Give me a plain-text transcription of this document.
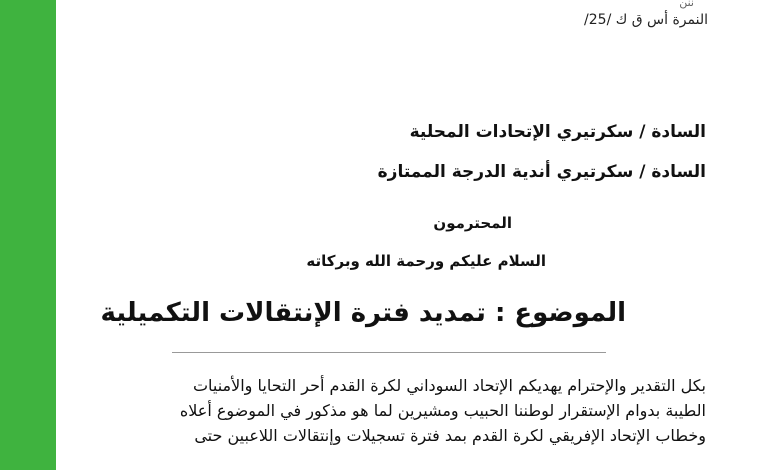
ننن
النمرة أس ق ك /25/
السادة / سكرتيري الإتحادات المحلية
السادة / سكرتيري أندية الدرجة الممتازة
المحترمون
السلام عليكم ورحمة الله وبركاته
الموضوع : تمديد فترة الإنتقالات التكميلية
بكل التقدير والإحترام يهديكم الإتحاد السوداني لكرة القدم أحر التحايا والأمنيات
الطيبة بدوام الإستقرار لوطننا الحبيب ومشيرين لما هو مذكور في الموضوع أعلاه
وخطاب الإتحاد الإفريقي لكرة القدم بمد فترة تسجيلات وإنتقالات اللاعبين حتى
